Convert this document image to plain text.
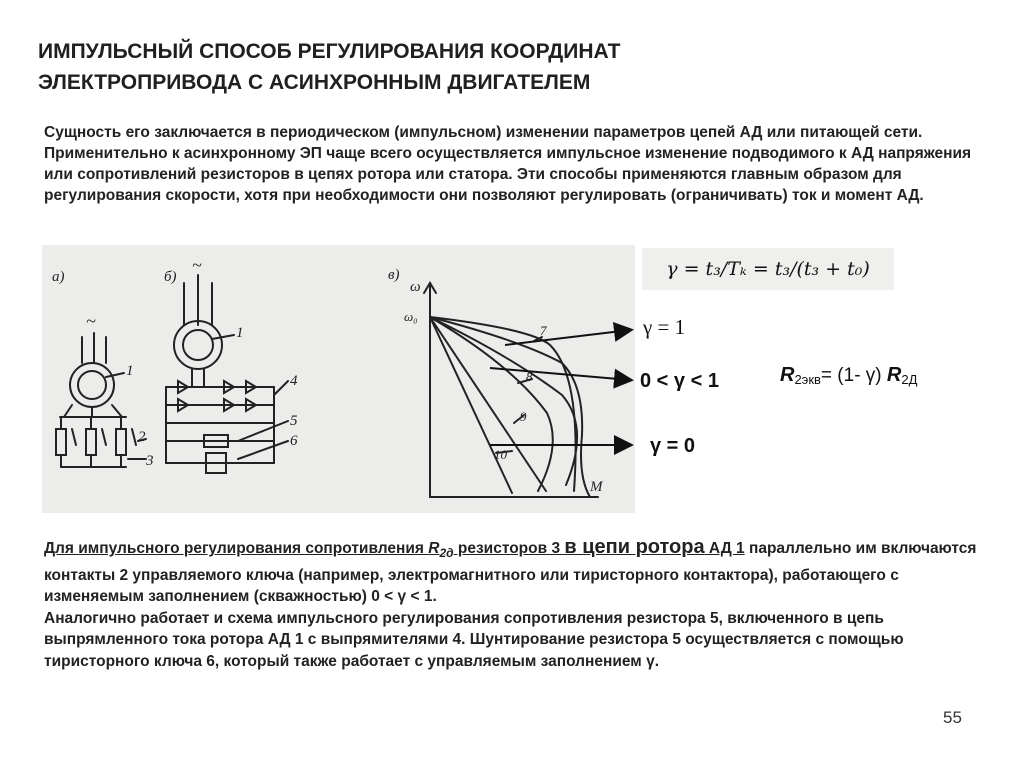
ИМПУЛЬСНЫЙ СПОСОБ РЕГУЛИРОВАНИЯ КООРДИНАТ
ЭЛЕКТРОПРИВОДА С АСИНХРОННЫМ ДВИГАТЕЛЕМ
Сущность его заключается в периодическом (импульсном) изменении параметров цепей АД или питающей сети. Применительно к асинхронному ЭП чаще всего осуществляется импульсное изменение подводимого к АД напряжения или сопротивлений резисторов в цепях ротора или статора. Эти способы применяются главным образом для регулирования скорости, хотя при необходимости они позволяют регулировать (ограничивать) ток и момент АД.
а)	б)	в)
~
~
1
2
3
1
4
5
6
ω
ω₀
M
7
8
9
10
γ = t₃/Tₖ = t₃/(t₃ + t₀)
γ = 1
0 < γ < 1
γ = 0
$R_{2экв}= (1-$ γ) $R_{2Д}$
Для импульсного регулирования сопротивления $R_{2д}$ резисторов 3 в цепи ротора АД 1 параллельно им включаются контакты 2 управляемого ключа (например, электромагнитного или тиристорного контактора), работающего с изменяемым заполнением (скважностью) 0 < γ < 1.
Аналогично работает и схема импульсного регулирования сопротивления резистора 5, включенного в цепь выпрямленного тока ротора АД 1 с выпрямителями 4. Шунтирование резистора 5 осуществляется с помощью тиристорного ключа 6, который также работает с управляемым заполнением γ.
55
